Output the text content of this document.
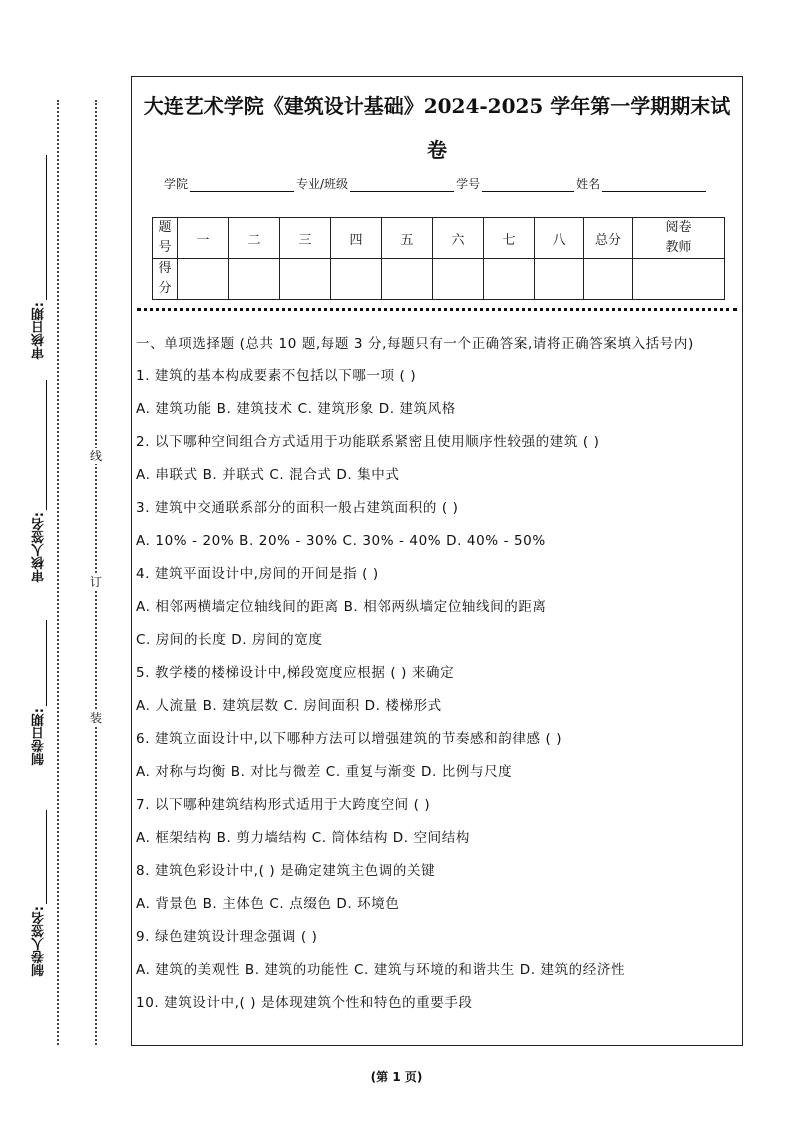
审核日期:
审核人签名:
制卷日期:
制卷人签名:
线
订
装
大连艺术学院《建筑设计基础》2024-2025 学年第一学期期末试
卷
学院	专业/班级	学号	姓名
题号	一	二	三	四	五	六	七	八	总分	阅卷教师
得分										
一、单项选择题 (总共 10 题,每题 3 分,每题只有一个正确答案,请将正确答案填入括号内)
1. 建筑的基本构成要素不包括以下哪一项 ( )
A. 建筑功能 B. 建筑技术 C. 建筑形象 D. 建筑风格
2. 以下哪种空间组合方式适用于功能联系紧密且使用顺序性较强的建筑 ( )
A. 串联式 B. 并联式 C. 混合式 D. 集中式
3. 建筑中交通联系部分的面积一般占建筑面积的 ( )
A. 10% - 20% B. 20% - 30% C. 30% - 40% D. 40% - 50%
4. 建筑平面设计中,房间的开间是指 ( )
A. 相邻两横墙定位轴线间的距离 B. 相邻两纵墙定位轴线间的距离
C. 房间的长度 D. 房间的宽度
5. 教学楼的楼梯设计中,梯段宽度应根据 ( ) 来确定
A. 人流量 B. 建筑层数 C. 房间面积 D. 楼梯形式
6. 建筑立面设计中,以下哪种方法可以增强建筑的节奏感和韵律感 ( )
A. 对称与均衡 B. 对比与微差 C. 重复与渐变 D. 比例与尺度
7. 以下哪种建筑结构形式适用于大跨度空间 ( )
A. 框架结构 B. 剪力墙结构 C. 筒体结构 D. 空间结构
8. 建筑色彩设计中,( ) 是确定建筑主色调的关键
A. 背景色 B. 主体色 C. 点缀色 D. 环境色
9. 绿色建筑设计理念强调 ( )
A. 建筑的美观性 B. 建筑的功能性 C. 建筑与环境的和谐共生 D. 建筑的经济性
10. 建筑设计中,( ) 是体现建筑个性和特色的重要手段
(第 1 页)
